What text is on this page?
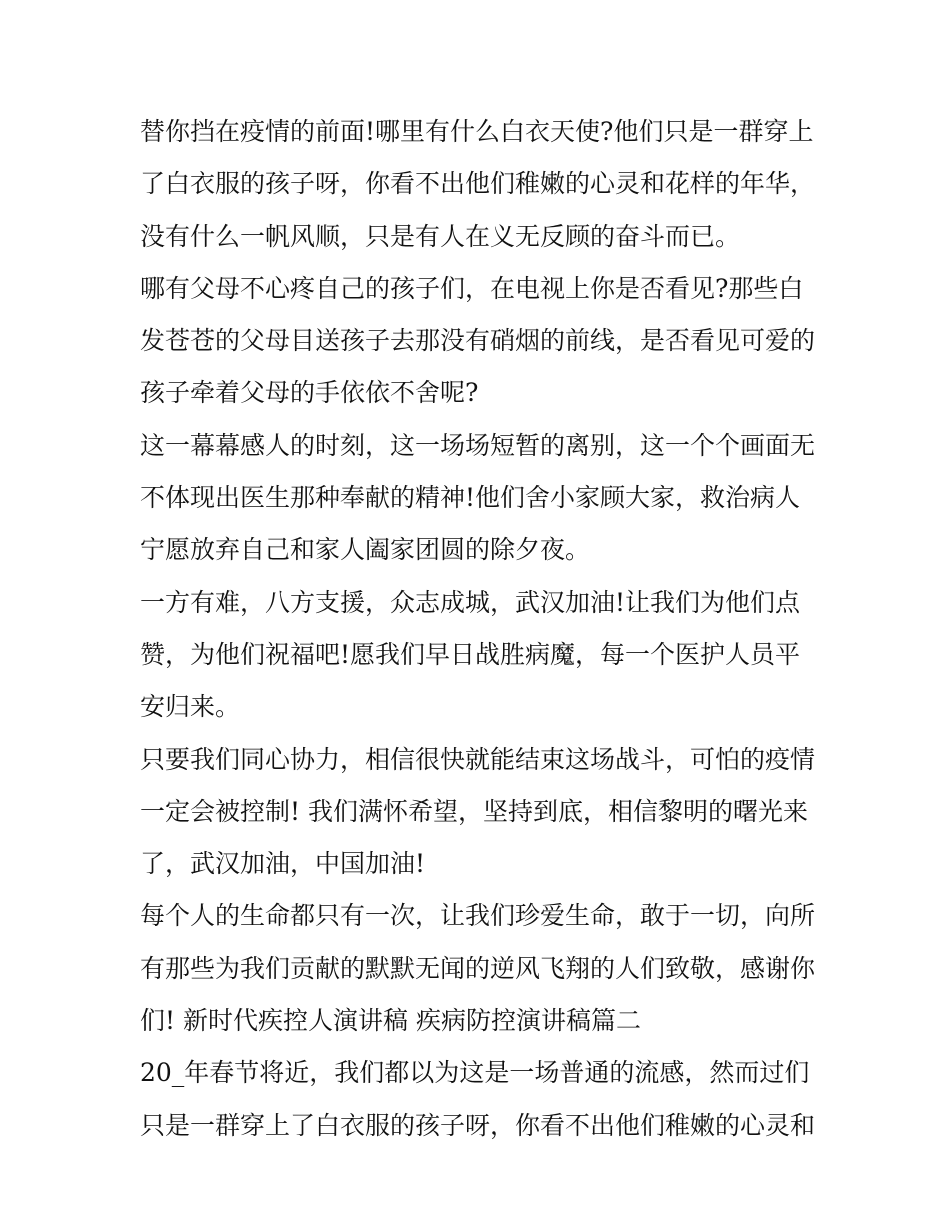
替你挡在疫情的前面!哪里有什么白衣天使?他们只是一群穿上
了白衣服的孩子呀，你看不出他们稚嫩的心灵和花样的年华，
没有什么一帆风顺，只是有人在义无反顾的奋斗而已。
哪有父母不心疼自己的孩子们，在电视上你是否看见?那些白
发苍苍的父母目送孩子去那没有硝烟的前线，是否看见可爱的
孩子牵着父母的手依依不舍呢?
这一幕幕感人的时刻，这一场场短暂的离别，这一个个画面无
不体现出医生那种奉献的精神!他们舍小家顾大家，救治病人
宁愿放弃自己和家人阖家团圆的除夕夜。
一方有难，八方支援，众志成城，武汉加油!让我们为他们点
赞，为他们祝福吧!愿我们早日战胜病魔，每一个医护人员平
安归来。
只要我们同心协力，相信很快就能结束这场战斗，可怕的疫情
一定会被控制! 我们满怀希望，坚持到底，相信黎明的曙光来
了，武汉加油，中国加油!
每个人的生命都只有一次，让我们珍爱生命，敢于一切，向所
有那些为我们贡献的默默无闻的逆风飞翔的人们致敬，感谢你
们! 新时代疾控人演讲稿 疾病防控演讲稿篇二
20_年春节将近，我们都以为这是一场普通的流感，然而过们
只是一群穿上了白衣服的孩子呀，你看不出他们稚嫩的心灵和
